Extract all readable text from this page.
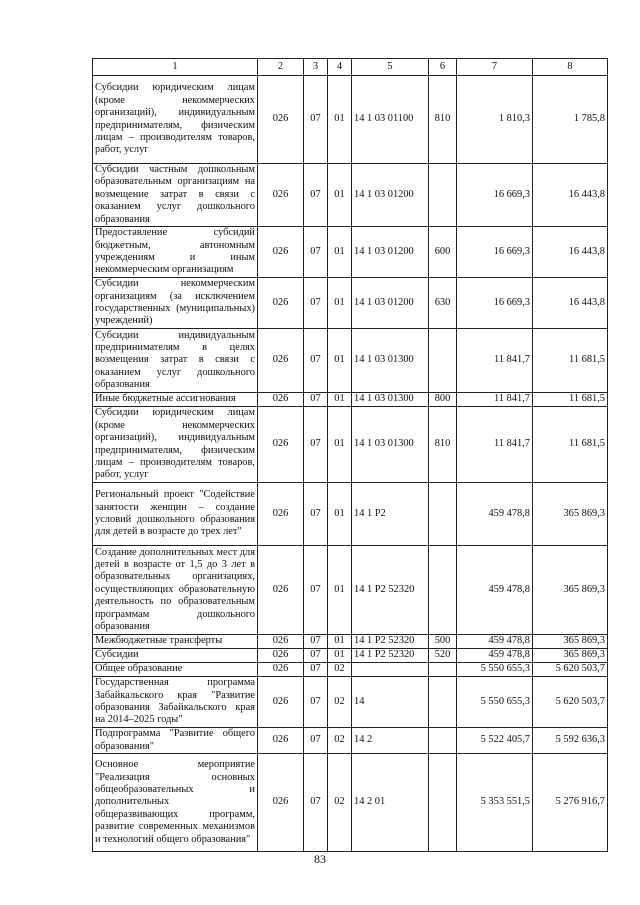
1	2	3	4	5	6	7	8
Субсидии юридическим лицам (кроме некоммерческих организаций), индивидуальным предпринимателям, физическим лицам – производителям товаров, работ, услуг	026	07	01	14 1 03 01100	810	1 810,3	1 785,8
Субсидии частным дошкольным образовательным организациям на возмещение затрат в связи с оказанием услуг дошкольного образования	026	07	01	14 1 03 01200		16 669,3	16 443,8
Предоставление субсидий бюджетным, автономным учреждениям и иным некоммерческим организациям	026	07	01	14 1 03 01200	600	16 669,3	16 443,8
Субсидии некоммерческим организациям (за исключением государственных (муниципальных) учреждений)	026	07	01	14 1 03 01200	630	16 669,3	16 443,8
Субсидии индивидуальным предпринимателям в целях возмещения затрат в связи с оказанием услуг дошкольного образования	026	07	01	14 1 03 01300		11 841,7	11 681,5
Иные бюджетные ассигнования	026	07	01	14 1 03 01300	800	11 841,7	11 681,5
Субсидии юридическим лицам (кроме некоммерческих организаций), индивидуальным предпринимателям, физическим лицам – производителям товаров, работ, услуг	026	07	01	14 1 03 01300	810	11 841,7	11 681,5
Региональный проект "Содействие занятости женщин – создание условий дошкольного образования для детей в возрасте до трех лет"	026	07	01	14 1 P2		459 478,8	365 869,3
Создание дополнительных мест для детей в возрасте от 1,5 до 3 лет в образовательных организациях, осуществляющих образовательную деятельность по образовательным программам дошкольного образования	026	07	01	14 1 P2 52320		459 478,8	365 869,3
Межбюджетные трансферты	026	07	01	14 1 P2 52320	500	459 478,8	365 869,3
Субсидии	026	07	01	14 1 P2 52320	520	459 478,8	365 869,3
Общее образование	026	07	02			5 550 655,3	5 620 503,7
Государственная программа Забайкальского края "Развитие образования Забайкальского края на 2014–2025 годы"	026	07	02	14		5 550 655,3	5 620 503,7
Подпрограмма "Развитие общего образования"	026	07	02	14 2		5 522 405,7	5 592 636,3
Основное мероприятие "Реализация основных общеобразовательных и дополнительных общеразвивающих программ, развитие современных механизмов и технологий общего образования"	026	07	02	14 2 01		5 353 551,5	5 276 916,7
83
